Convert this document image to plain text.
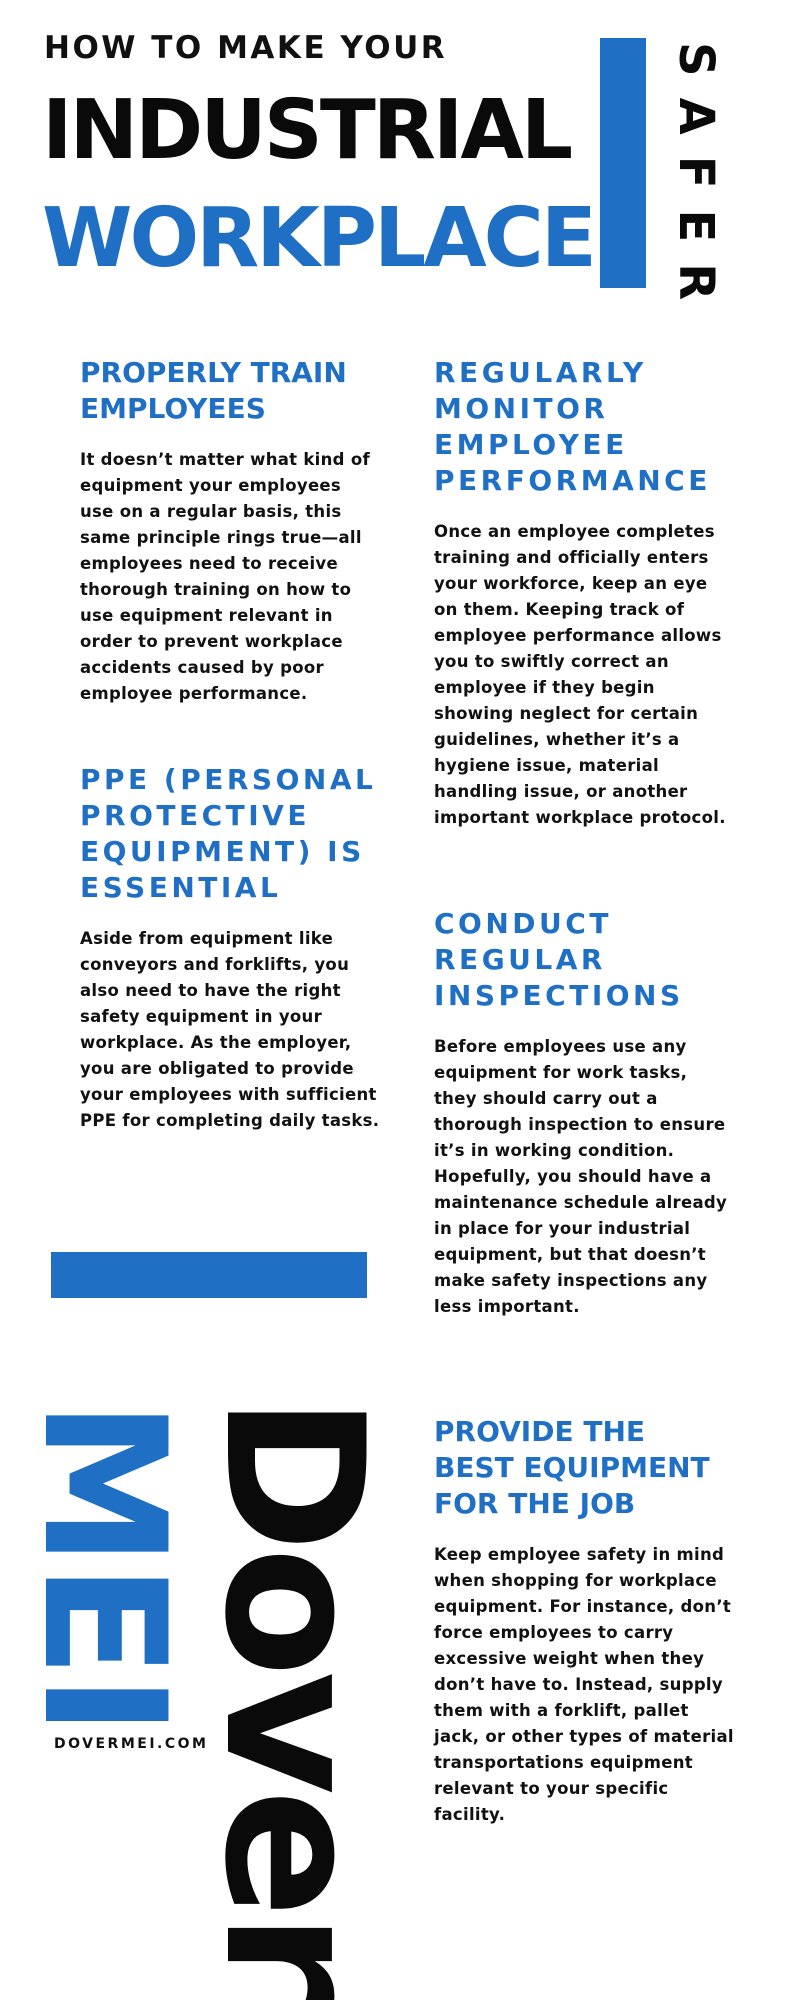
HOW TO MAKE YOUR
INDUSTRIAL
WORKPLACE SAFER
PROPERLY TRAIN EMPLOYEES

It doesn’t matter what kind of equipment your employees use on a regular basis, this same principle rings true—all employees need to receive thorough training on how to use equipment relevant in order to prevent workplace accidents caused by poor employee performance.

PPE (PERSONAL PROTECTIVE EQUIPMENT) IS ESSENTIAL

Aside from equipment like conveyors and forklifts, you also need to have the right safety equipment in your workplace. As the employer, you are obligated to provide your employees with sufficient PPE for completing daily tasks.

REGULARLY MONITOR EMPLOYEE PERFORMANCE

Once an employee completes training and officially enters your workforce, keep an eye on them. Keeping track of employee performance allows you to swiftly correct an employee if they begin showing neglect for certain guidelines, whether it’s a hygiene issue, material handling issue, or another important workplace protocol.

CONDUCT REGULAR INSPECTIONS

Before employees use any equipment for work tasks, they should carry out a thorough inspection to ensure it’s in working condition. Hopefully, you should have a maintenance schedule already in place for your industrial equipment, but that doesn’t make safety inspections any less important.

PROVIDE THE BEST EQUIPMENT FOR THE JOB

Keep employee safety in mind when shopping for workplace equipment. For instance, don’t force employees to carry excessive weight when they don’t have to. Instead, supply them with a forklift, pallet jack, or other types of material transportations equipment relevant to your specific facility.

MEI
Dover
DOVERMEI.COM
